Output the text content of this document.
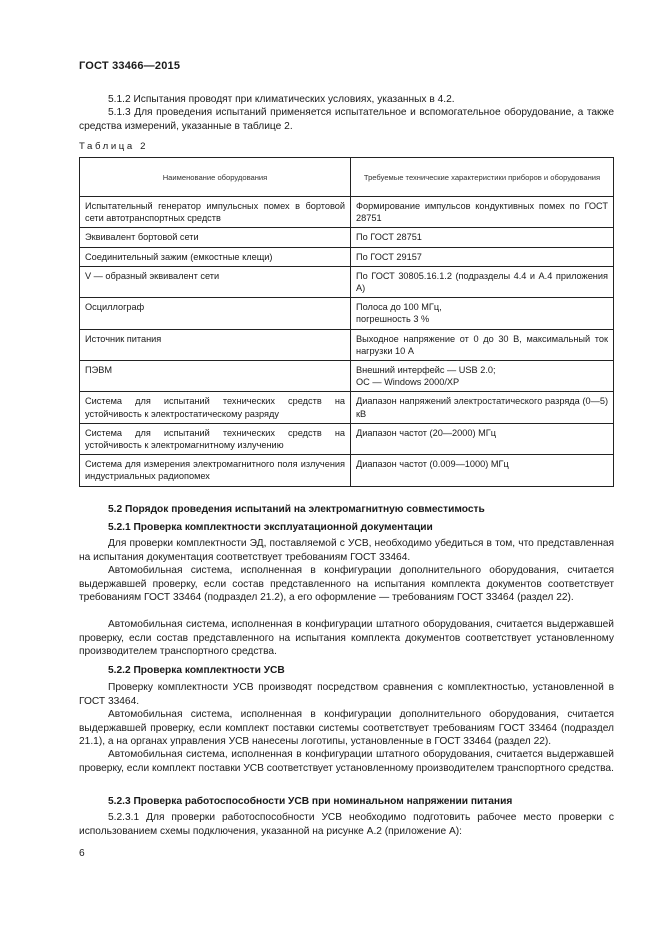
ГОСТ 33466—2015
5.1.2 Испытания проводят при климатических условиях, указанных в 4.2.
5.1.3 Для проведения испытаний применяется испытательное и вспомогательное оборудование, а также средства измерений, указанные в таблице 2.
Таблица 2
Наименование оборудования	Требуемые технические характеристики приборов и оборудования
Испытательный генератор импульсных помех в бортовой сети автотранспортных средств	Формирование импульсов кондуктивных помех по ГОСТ 28751
Эквивалент бортовой сети	По ГОСТ 28751
Соединительный зажим (емкостные клещи)	По ГОСТ 29157
V — образный эквивалент сети	По ГОСТ 30805.16.1.2 (подразделы 4.4 и А.4 приложения А)
Осциллограф	Полоса до 100 МГц,
погрешность 3 %
Источник питания	Выходное напряжение от 0 до 30 В, максимальный ток нагрузки 10 А
ПЭВМ	Внешний интерфейс — USB 2.0;
ОС — Windows 2000/XP
Система для испытаний технических средств на устойчивость к электростатическому разряду	Диапазон напряжений электростатического разряда (0—5) кВ
Система для испытаний технических средств на устойчивость к электромагнитному излучению	Диапазон частот (20—2000) МГц
Система для измерения электромагнитного поля излучения индустриальных радиопомех	Диапазон частот (0.009—1000) МГц
5.2 Порядок проведения испытаний на электромагнитную совместимость
5.2.1 Проверка комплектности эксплуатационной документации
Для проверки комплектности ЭД, поставляемой с УСВ, необходимо убедиться в том, что представленная на испытания документация соответствует требованиям ГОСТ 33464.
Автомобильная система, исполненная в конфигурации дополнительного оборудования, считается выдержавшей проверку, если состав представленного на испытания комплекта документов соответствует требованиям ГОСТ 33464 (подраздел 21.2), а его оформление — требованиям ГОСТ 33464 (раздел 22).
Автомобильная система, исполненная в конфигурации штатного оборудования, считается выдержавшей проверку, если состав представленного на испытания комплекта документов соответствует установленному производителем транспортного средства.
5.2.2 Проверка комплектности УСВ
Проверку комплектности УСВ производят посредством сравнения с комплектностью, установленной в ГОСТ 33464.
Автомобильная система, исполненная в конфигурации дополнительного оборудования, считается выдержавшей проверку, если комплект поставки системы соответствует требованиям ГОСТ 33464 (подраздел 21.1), а на органах управления УСВ нанесены логотипы, установленные в ГОСТ 33464 (раздел 22).
Автомобильная система, исполненная в конфигурации штатного оборудования, считается выдержавшей проверку, если комплект поставки УСВ соответствует установленному производителем транспортного средства.
5.2.3 Проверка работоспособности УСВ при номинальном напряжении питания
5.2.3.1 Для проверки работоспособности УСВ необходимо подготовить рабочее место проверки с использованием схемы подключения, указанной на рисунке А.2 (приложение А):
6
